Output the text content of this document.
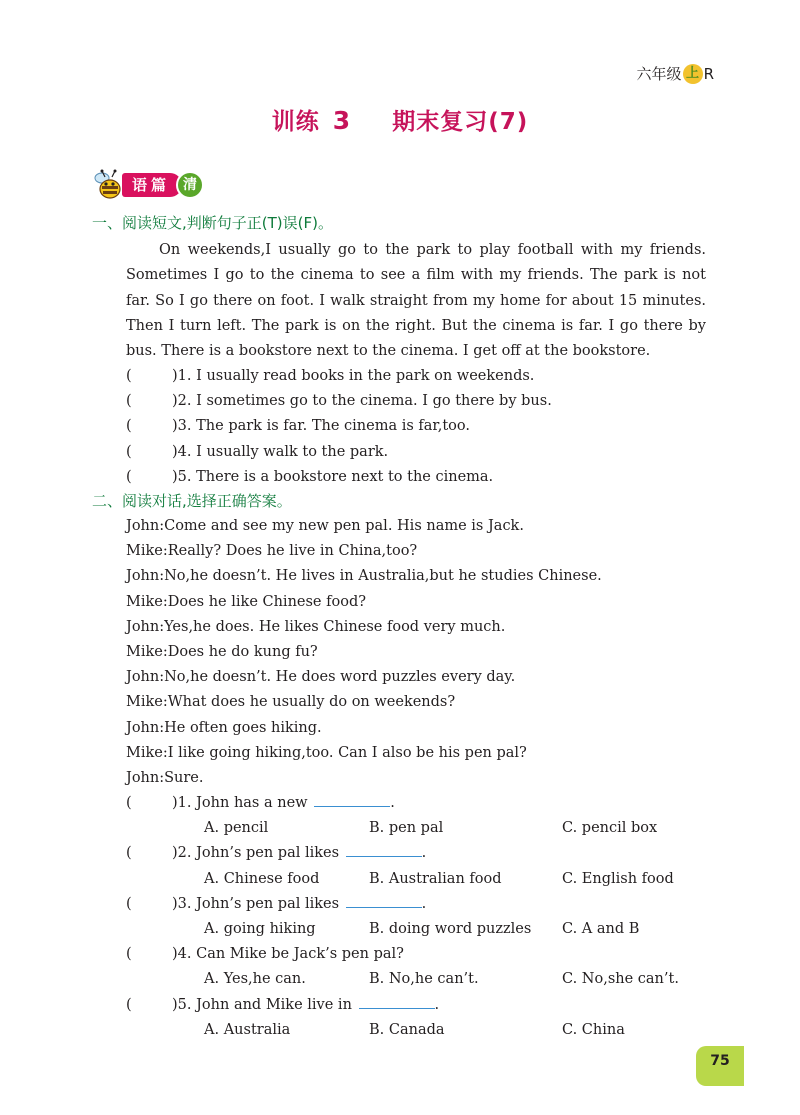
六年级 上 R
训练 3 期末复习(7)
语篇 清
一、阅读短文,判断句子正(T)误(F)。

On weekends,I usually go to the park to play football with my friends. Sometimes I go to the cinema to see a film with my friends. The park is not far. So I go there on foot. I walk straight from my home for about 15 minutes. Then I turn left. The park is on the right. But the cinema is far. I go there by bus. There is a bookstore next to the cinema. I get off at the bookstore.

(	)1. I usually read books in the park on weekends.
(	)2. I sometimes go to the cinema. I go there by bus.
(	)3. The park is far. The cinema is far,too.
(	)4. I usually walk to the park.
(	)5. There is a bookstore next to the cinema.
二、阅读对话,选择正确答案。
John:Come and see my new pen pal. His name is Jack.
Mike:Really? Does he live in China,too?
John:No,he doesn’t. He lives in Australia,but he studies Chinese.
Mike:Does he like Chinese food?
John:Yes,he does. He likes Chinese food very much.
Mike:Does he do kung fu?
John:No,he doesn’t. He does word puzzles every day.
Mike:What does he usually do on weekends?
John:He often goes hiking.
Mike:I like going hiking,too. Can I also be his pen pal?
John:Sure.
(	)1. John has a new	.
A. pencil	B. pen pal	C. pencil box
(	)2. John’s pen pal likes	.
A. Chinese food	B. Australian food	C. English food
(	)3. John’s pen pal likes	.
A. going hiking	B. doing word puzzles C. A and B
(	)4. Can Mike be Jack’s pen pal?
A. Yes,he can.	B. No,he can’t.	C. No,she can’t.
(	)5. John and Mike live in	.
A. Australia	B. Canada	C. China
75
